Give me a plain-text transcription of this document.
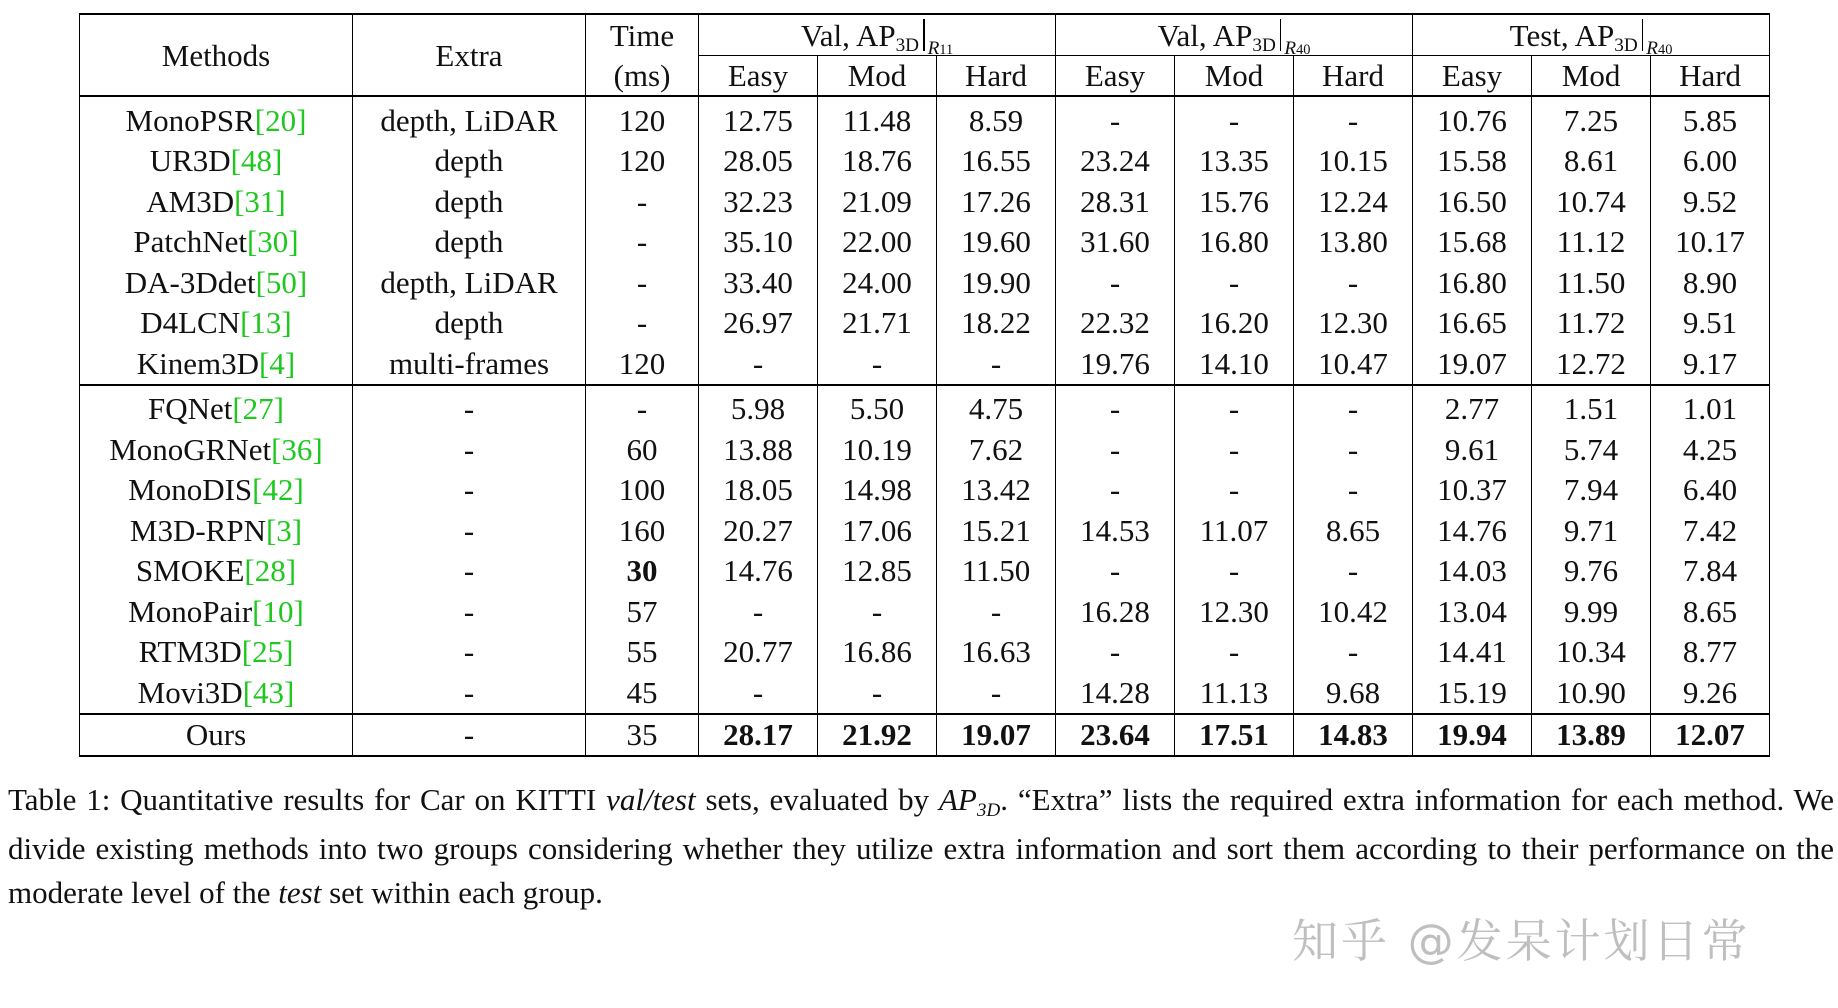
Methods	Extra	Time	Val, AP3D $_{R11}$			Val, AP3D $_{R40}$			Test, AP3D $_{R40}$
		(ms)	Easy	Mod	Hard	Easy	Mod	Hard	Easy	Mod	Hard
MonoPSR[20]	depth, LiDAR	120	12.75	11.48	8.59	-	-	-	10.76	7.25	5.85
UR3D[48]	depth	120	28.05	18.76	16.55	23.24	13.35	10.15	15.58	8.61	6.00
AM3D[31]	depth	-	32.23	21.09	17.26	28.31	15.76	12.24	16.50	10.74	9.52
PatchNet[30]	depth	-	35.10	22.00	19.60	31.60	16.80	13.80	15.68	11.12	10.17
DA-3Ddet[50]	depth, LiDAR	-	33.40	24.00	19.90	-	-	-	16.80	11.50	8.90
D4LCN[13]	depth	-	26.97	21.71	18.22	22.32	16.20	12.30	16.65	11.72	9.51
Kinem3D[4]	multi-frames	120	-	-	-	19.76	14.10	10.47	19.07	12.72	9.17
FQNet[27]	-	-	5.98	5.50	4.75	-	-	-	2.77	1.51	1.01
MonoGRNet[36]	-	60	13.88	10.19	7.62	-	-	-	9.61	5.74	4.25
MonoDIS[42]	-	100	18.05	14.98	13.42	-	-	-	10.37	7.94	6.40
M3D-RPN[3]	-	160	20.27	17.06	15.21	14.53	11.07	8.65	14.76	9.71	7.42
SMOKE[28]	-	30	14.76	12.85	11.50	-	-	-	14.03	9.76	7.84
MonoPair[10]	-	57	-	-	-	16.28	12.30	10.42	13.04	9.99	8.65
RTM3D[25]	-	55	20.77	16.86	16.63	-	-	-	14.41	10.34	8.77
Movi3D[43]	-	45	-	-	-	14.28	11.13	9.68	15.19	10.90	9.26
Ours	-	35	28.17	21.92	19.07	23.64	17.51	14.83	19.94	13.89	12.07

Table 1: Quantitative results for Car on KITTI val/test sets, evaluated by AP3D. “Extra” lists the required extra information for each method. We divide existing methods into two groups considering whether they utilize extra information and sort them according to their performance on the moderate level of the test set within each group.

知乎 @发呆计划日常
